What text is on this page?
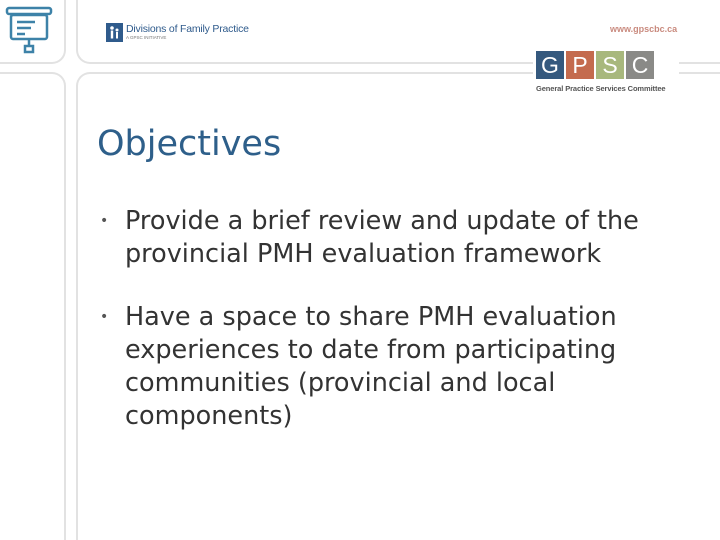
Divisions of Family Practice
A GPSC INITIATIVE
www.gpscbc.ca
G P S C
General Practice Services Committee
Objectives
• Provide a brief review and update of the provincial PMH evaluation framework
• Have a space to share PMH evaluation experiences to date from participating communities (provincial and local components)
